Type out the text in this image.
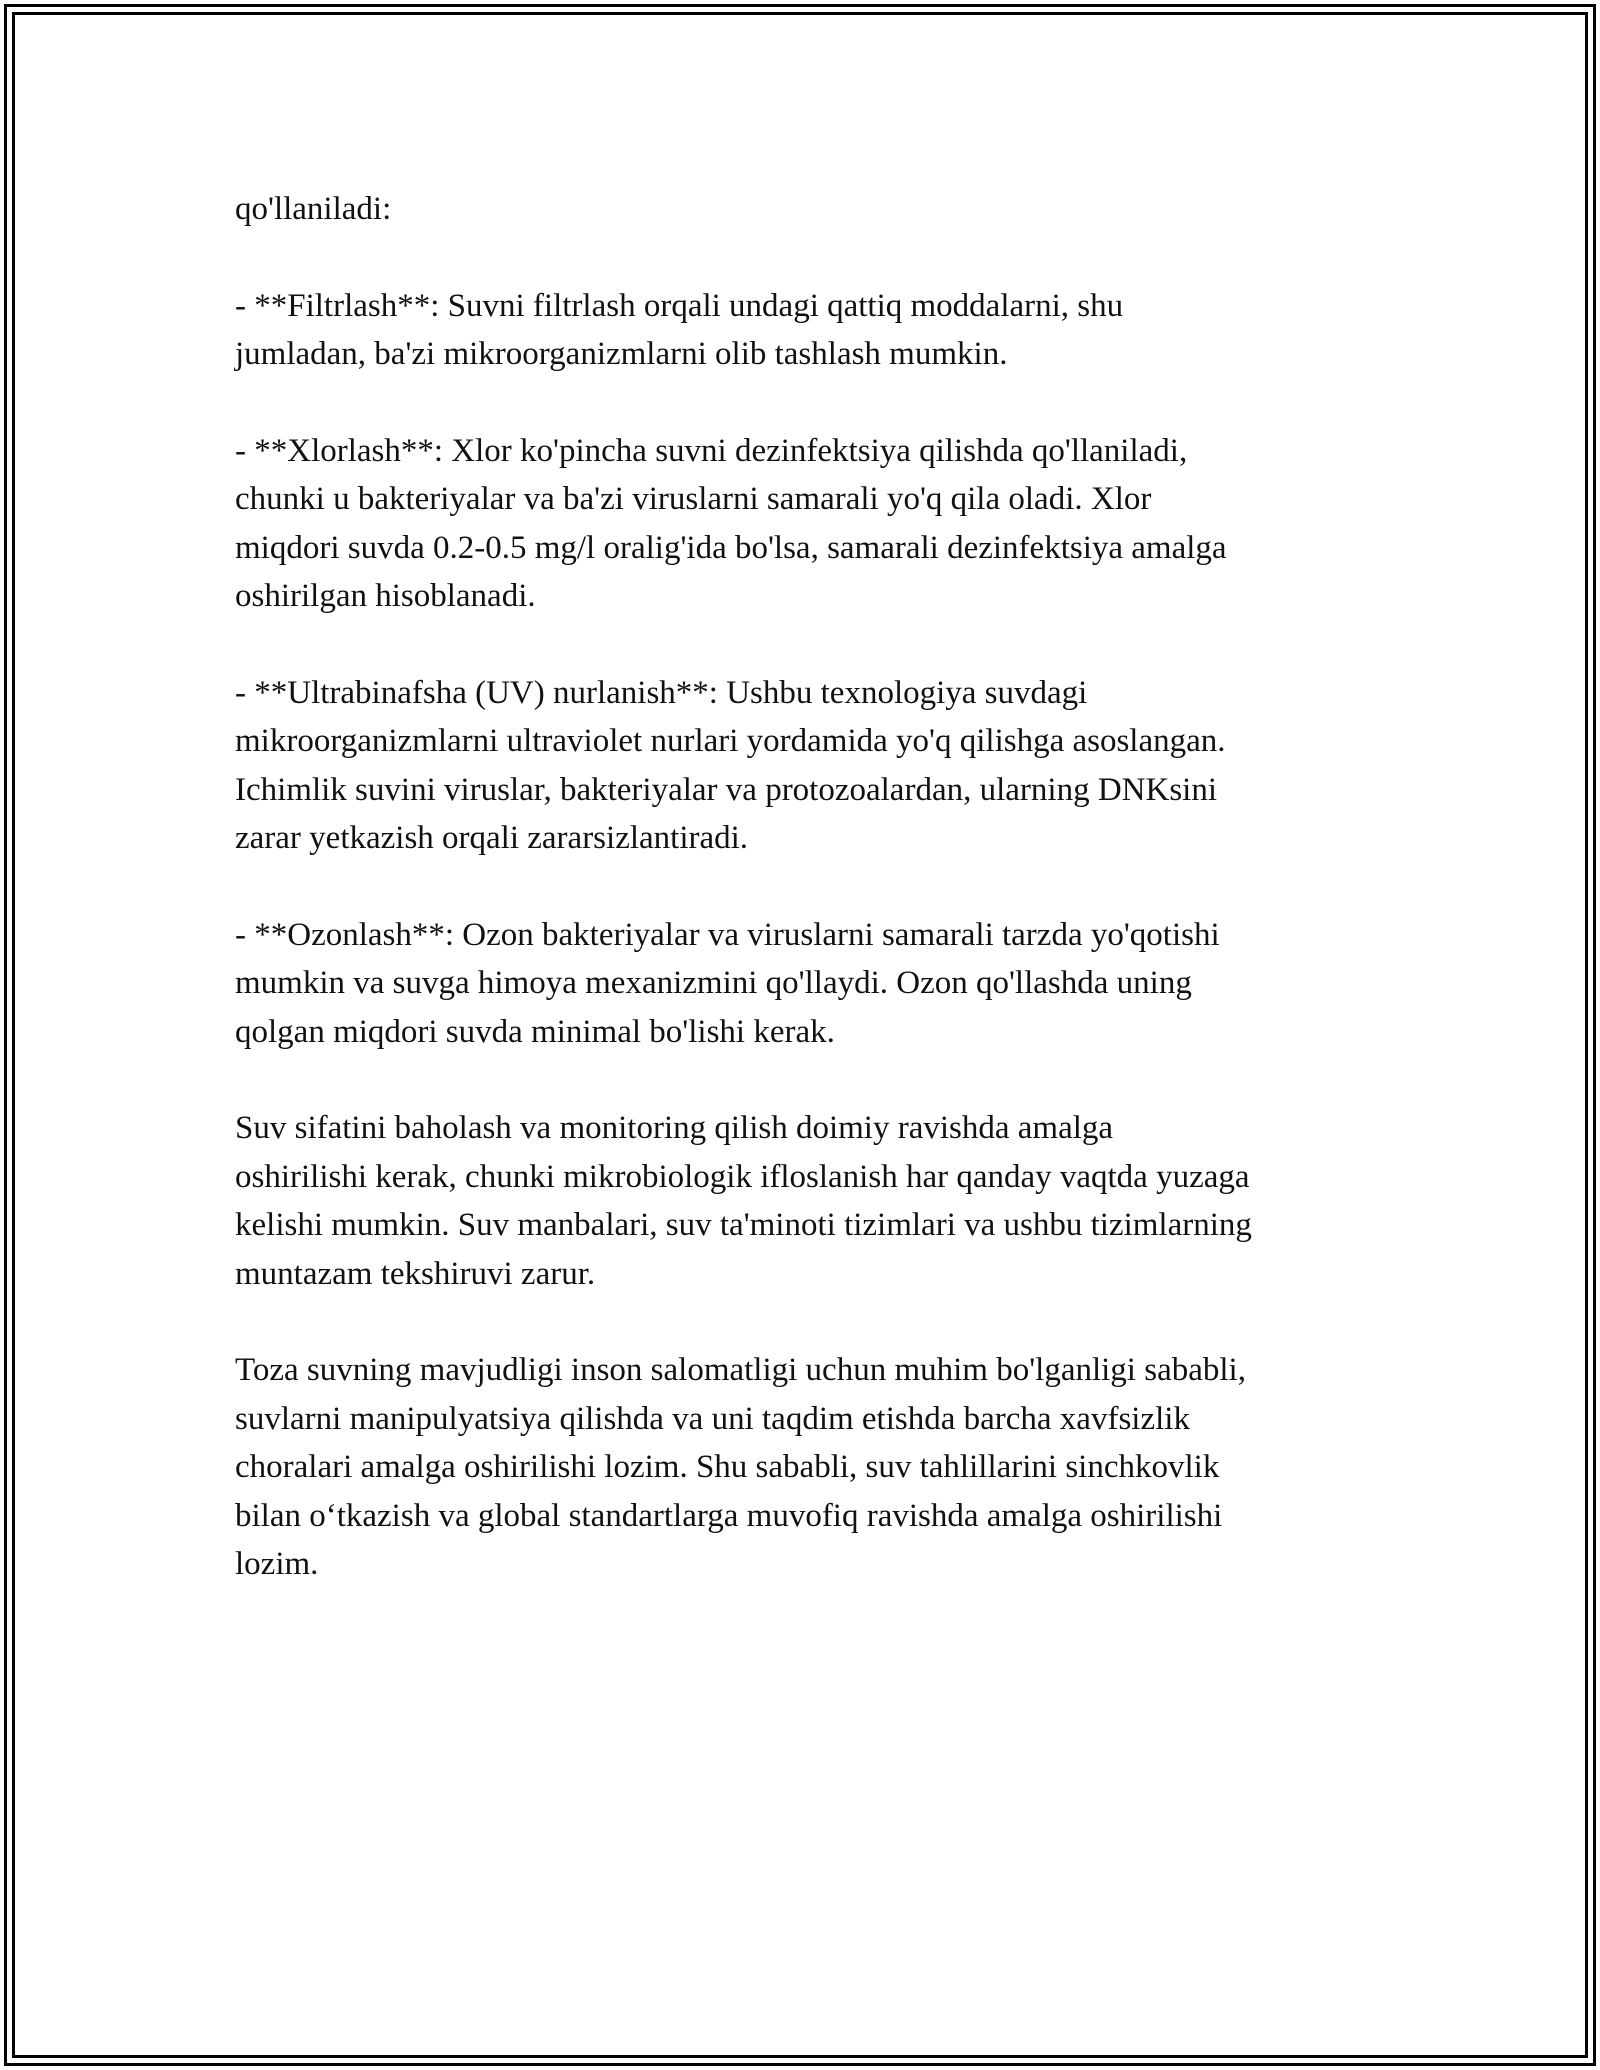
qo'llaniladi:

- **Filtrlash**: Suvni filtrlash orqali undagi qattiq moddalarni, shu
jumladan, ba'zi mikroorganizmlarni olib tashlash mumkin.

- **Xlorlash**: Xlor ko'pincha suvni dezinfektsiya qilishda qo'llaniladi,
chunki u bakteriyalar va ba'zi viruslarni samarali yo'q qila oladi. Xlor
miqdori suvda 0.2-0.5 mg/l oralig'ida bo'lsa, samarali dezinfektsiya amalga
oshirilgan hisoblanadi.

- **Ultrabinafsha (UV) nurlanish**: Ushbu texnologiya suvdagi
mikroorganizmlarni ultraviolet nurlari yordamida yo'q qilishga asoslangan.
Ichimlik suvini viruslar, bakteriyalar va protozoalardan, ularning DNKsini
zarar yetkazish orqali zararsizlantiradi.

- **Ozonlash**: Ozon bakteriyalar va viruslarni samarali tarzda yo'qotishi
mumkin va suvga himoya mexanizmini qo'llaydi. Ozon qo'llashda uning
qolgan miqdori suvda minimal bo'lishi kerak.

Suv sifatini baholash va monitoring qilish doimiy ravishda amalga
oshirilishi kerak, chunki mikrobiologik ifloslanish har qanday vaqtda yuzaga
kelishi mumkin. Suv manbalari, suv ta'minoti tizimlari va ushbu tizimlarning
muntazam tekshiruvi zarur.

Toza suvning mavjudligi inson salomatligi uchun muhim bo'lganligi sababli,
suvlarni manipulyatsiya qilishda va uni taqdim etishda barcha xavfsizlik
choralari amalga oshirilishi lozim. Shu sababli, suv tahlillarini sinchkovlik
bilan o‘tkazish va global standartlarga muvofiq ravishda amalga oshirilishi
lozim.
